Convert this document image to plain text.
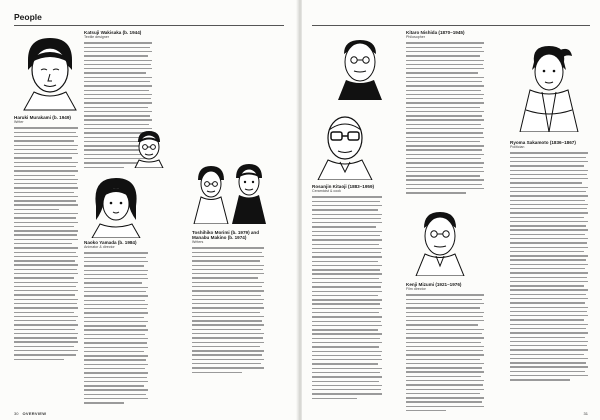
People
Haruki Murakami (b. 1949)
Writer
Katsuji Wakisaka (b. 1944)
Textile designer
Naoko Yamada (b. 1984)
Animator & director
Toshihiko Morimi (b. 1979) and Manabu Makino (b. 1974)
Writers
30 OVERVIEW
Rosanjin Kitaoji (1883–1959)
Ceramicist & cook
Kitaro Nishida (1870–1945)
Philosopher
Kenji Mizumi (1921–1976)
Film director
Ryoma Sakamoto (1836–1867)
Politician
31
